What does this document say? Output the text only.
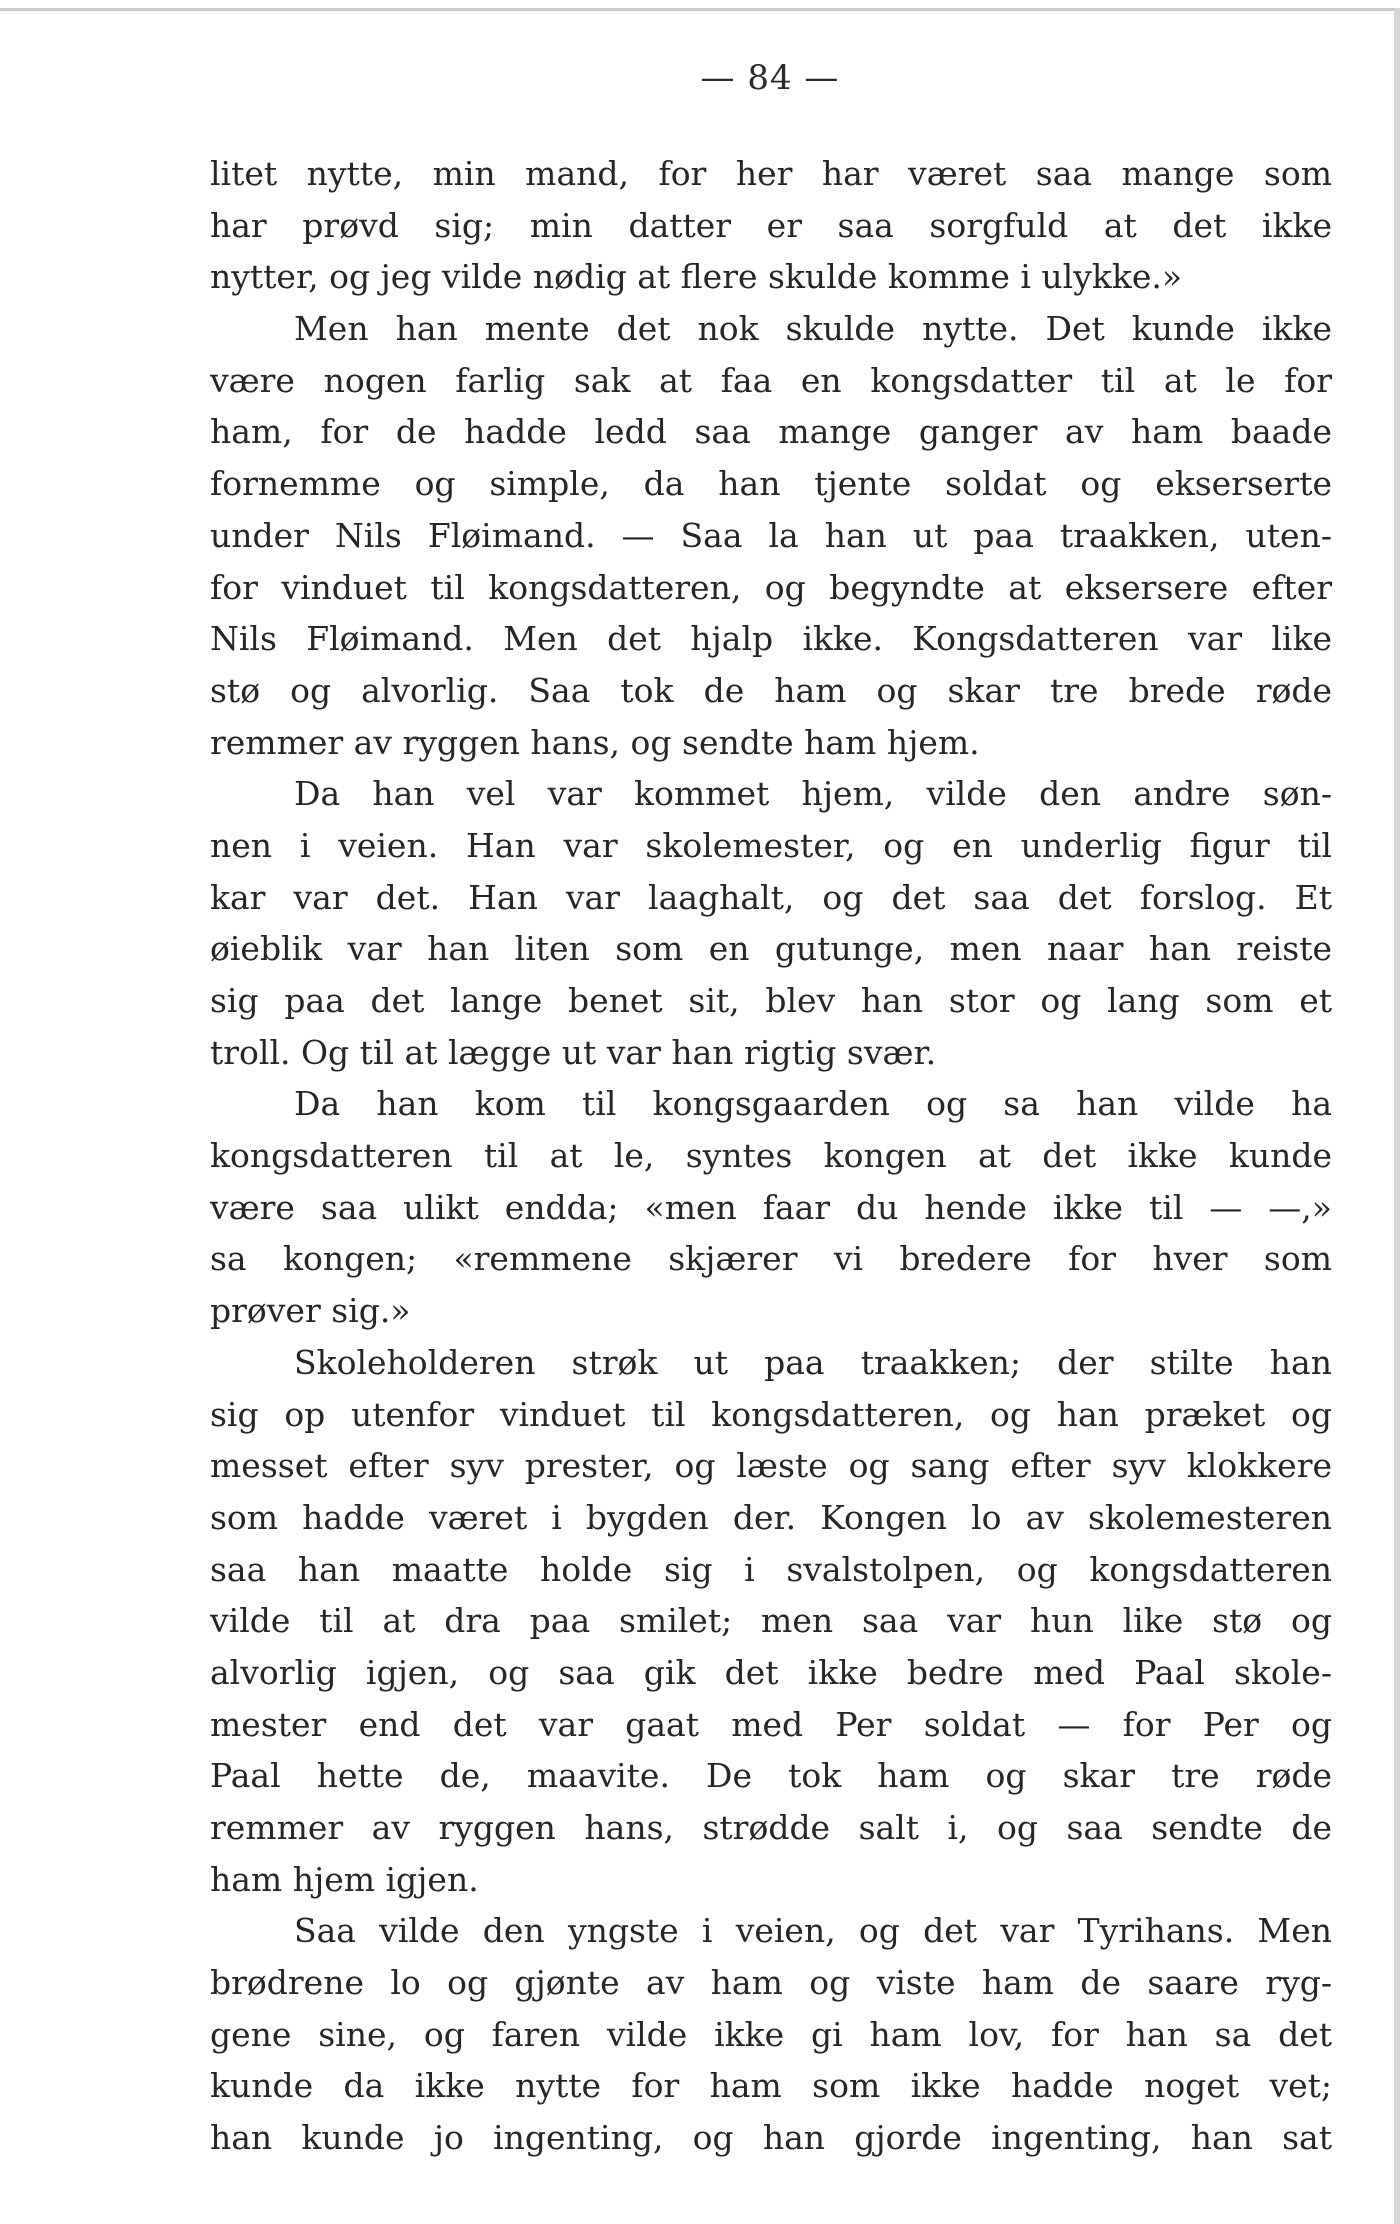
— 84 —
litet nytte, min mand, for her har været saa mange som
har prøvd sig; min datter er saa sorgfuld at det ikke
nytter, og jeg vilde nødig at flere skulde komme i ulykke.»
Men han mente det nok skulde nytte. Det kunde ikke
være nogen farlig sak at faa en kongsdatter til at le for
ham, for de hadde ledd saa mange ganger av ham baade
fornemme og simple, da han tjente soldat og ekserserte
under Nils Fløimand. — Saa la han ut paa traakken, uten-
for vinduet til kongsdatteren, og begyndte at eksersere efter
Nils Fløimand. Men det hjalp ikke. Kongsdatteren var like
stø og alvorlig. Saa tok de ham og skar tre brede røde
remmer av ryggen hans, og sendte ham hjem.
Da han vel var kommet hjem, vilde den andre søn-
nen i veien. Han var skolemester, og en underlig figur til
kar var det. Han var laaghalt, og det saa det forslog. Et
øieblik var han liten som en gutunge, men naar han reiste
sig paa det lange benet sit, blev han stor og lang som et
troll. Og til at lægge ut var han rigtig svær.
Da han kom til kongsgaarden og sa han vilde ha
kongsdatteren til at le, syntes kongen at det ikke kunde
være saa ulikt endda; «men faar du hende ikke til — —,»
sa kongen; «remmene skjærer vi bredere for hver som
prøver sig.»
Skoleholderen strøk ut paa traakken; der stilte han
sig op utenfor vinduet til kongsdatteren, og han præket og
messet efter syv prester, og læste og sang efter syv klokkere
som hadde været i bygden der. Kongen lo av skolemesteren
saa han maatte holde sig i svalstolpen, og kongsdatteren
vilde til at dra paa smilet; men saa var hun like stø og
alvorlig igjen, og saa gik det ikke bedre med Paal skole-
mester end det var gaat med Per soldat — for Per og
Paal hette de, maavite. De tok ham og skar tre røde
remmer av ryggen hans, strødde salt i, og saa sendte de
ham hjem igjen.
Saa vilde den yngste i veien, og det var Tyrihans. Men
brødrene lo og gjønte av ham og viste ham de saare ryg-
gene sine, og faren vilde ikke gi ham lov, for han sa det
kunde da ikke nytte for ham som ikke hadde noget vet;
han kunde jo ingenting, og han gjorde ingenting, han sat
